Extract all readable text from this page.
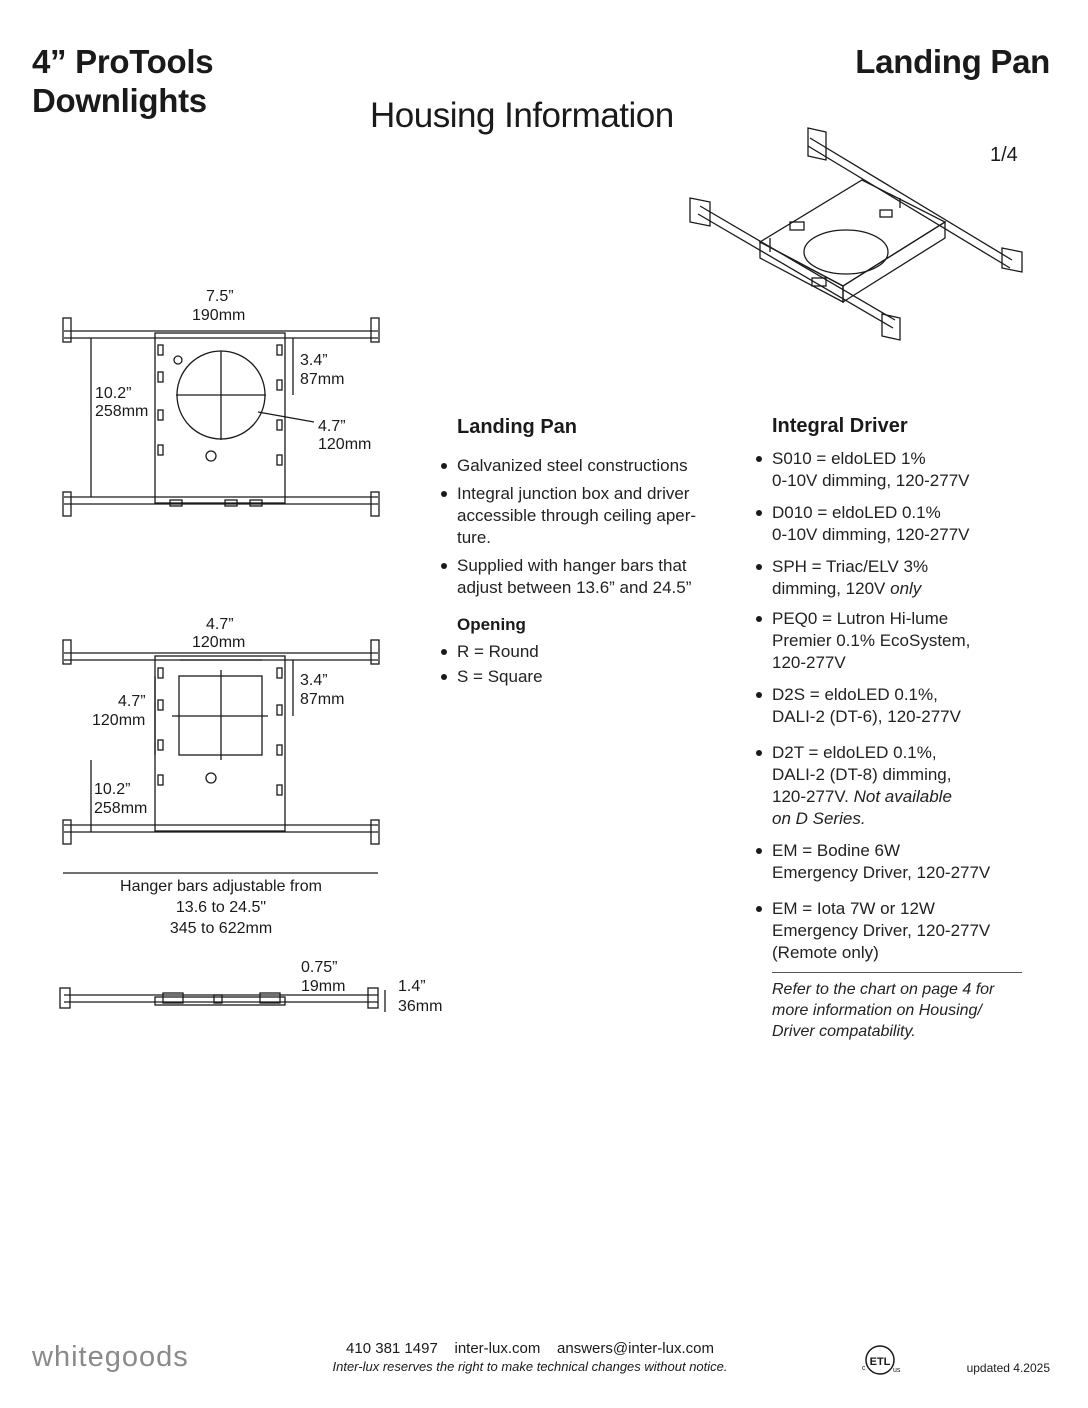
4” ProTools
Downlights
Landing Pan
Housing Information
1/4
ETL
c	us
7.5”
190mm
10.2”
258mm
3.4”
87mm
4.7”
120mm
4.7”
120mm
4.7”
120mm
3.4”
87mm
10.2”
258mm
Hanger bars adjustable from
13.6 to 24.5"
345 to 622mm
0.75”
19mm	1.4”
36mm
Landing Pan
Galvanized steel constructions
Integral junction box and driver accessible through ceiling aper-ture.
Supplied with hanger bars that adjust between 13.6” and 24.5”
Opening
R = Round
S = Square
Integral Driver
S010 = eldoLED 1%
0-10V dimming, 120-277V
D010 = eldoLED 0.1%
0-10V dimming, 120-277V
SPH = Triac/ELV 3%
dimming, 120V only
PEQ0 = Lutron Hi-lume
Premier 0.1% EcoSystem,
120-277V
D2S = eldoLED 0.1%,
DALI-2 (DT-6), 120-277V
D2T = eldoLED 0.1%,
DALI-2 (DT-8) dimming,
120-277V. Not available
on D Series.
EM = Bodine 6W
Emergency Driver, 120-277V
EM = Iota 7W or 12W
Emergency Driver, 120-277V
(Remote only)
Refer to the chart on page 4 for
more information on Housing/
Driver compatability.
whitegoods	410 381 1497 inter-lux.com answers@inter-lux.com
Inter-lux reserves the right to make technical changes without notice.	updated 4.2025
